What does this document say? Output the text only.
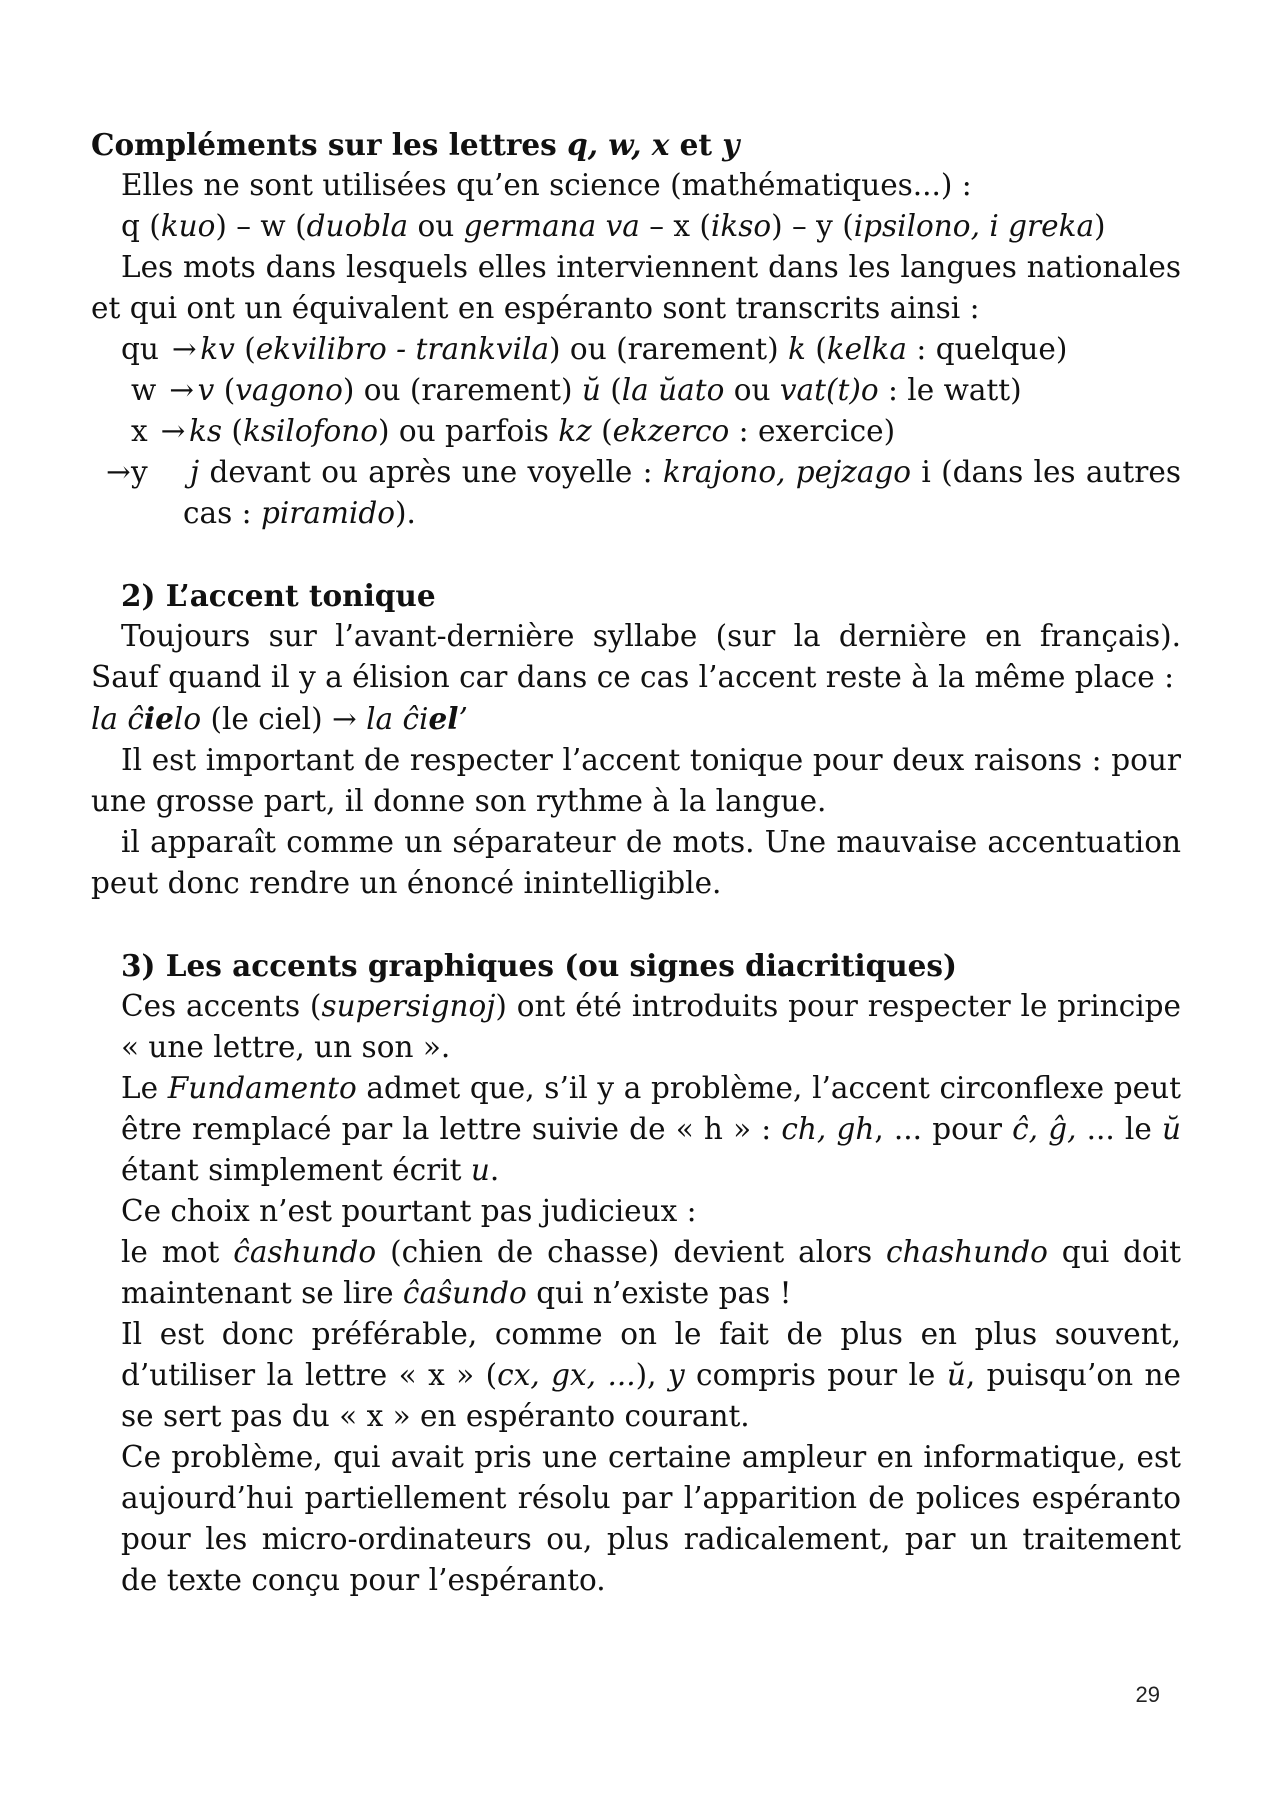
Compléments sur les lettres q, w, x et y

Elles ne sont utilisées qu’en science (mathématiques...) :

q (kuo) – w (duobla ou germana va – x (ikso) – y (ipsilono, i greka)

Les mots dans lesquels elles interviennent dans les langues nationales et qui ont un équivalent en espéranto sont transcrits ainsi :

qu → kv (ekvilibro - trankvila) ou (rarement) k (kelka : quelque)

w → v (vagono) ou (rarement) ŭ (la ŭato ou vat(t)o : le watt)

x → ks (ksilofono) ou parfois kz (ekzerco : exercice)

y → j devant ou après une voyelle : krajono, pejzago i (dans les autres cas : piramido).

2) L’accent tonique

Toujours sur l’avant-dernière syllabe (sur la dernière en français). Sauf quand il y a élision car dans ce cas l’accent reste à la même place :

la ĉielo (le ciel) → la ĉiel’

Il est important de respecter l’accent tonique pour deux raisons : pour une grosse part, il donne son rythme à la langue.

il apparaît comme un séparateur de mots. Une mauvaise accentuation peut donc rendre un énoncé inintelligible.

3) Les accents graphiques (ou signes diacritiques)

Ces accents (supersignoj) ont été introduits pour respecter le principe « une lettre, un son ».

Le Fundamento admet que, s’il y a problème, l’accent circonflexe peut être remplacé par la lettre suivie de « h » : ch, gh, ... pour ĉ, ĝ, ... le ŭ étant simplement écrit u.

Ce choix n’est pourtant pas judicieux :

le mot ĉashundo (chien de chasse) devient alors chashundo qui doit maintenant se lire ĉaŝundo qui n’existe pas !

Il est donc préférable, comme on le fait de plus en plus souvent, d’utiliser la lettre « x » (cx, gx, ...), y compris pour le ŭ, puisqu’on ne se sert pas du « x » en espéranto courant.

Ce problème, qui avait pris une certaine ampleur en informatique, est aujourd’hui partiellement résolu par l’apparition de polices espéranto pour les micro-ordinateurs ou, plus radicalement, par un traitement de texte conçu pour l’espéranto.

29
